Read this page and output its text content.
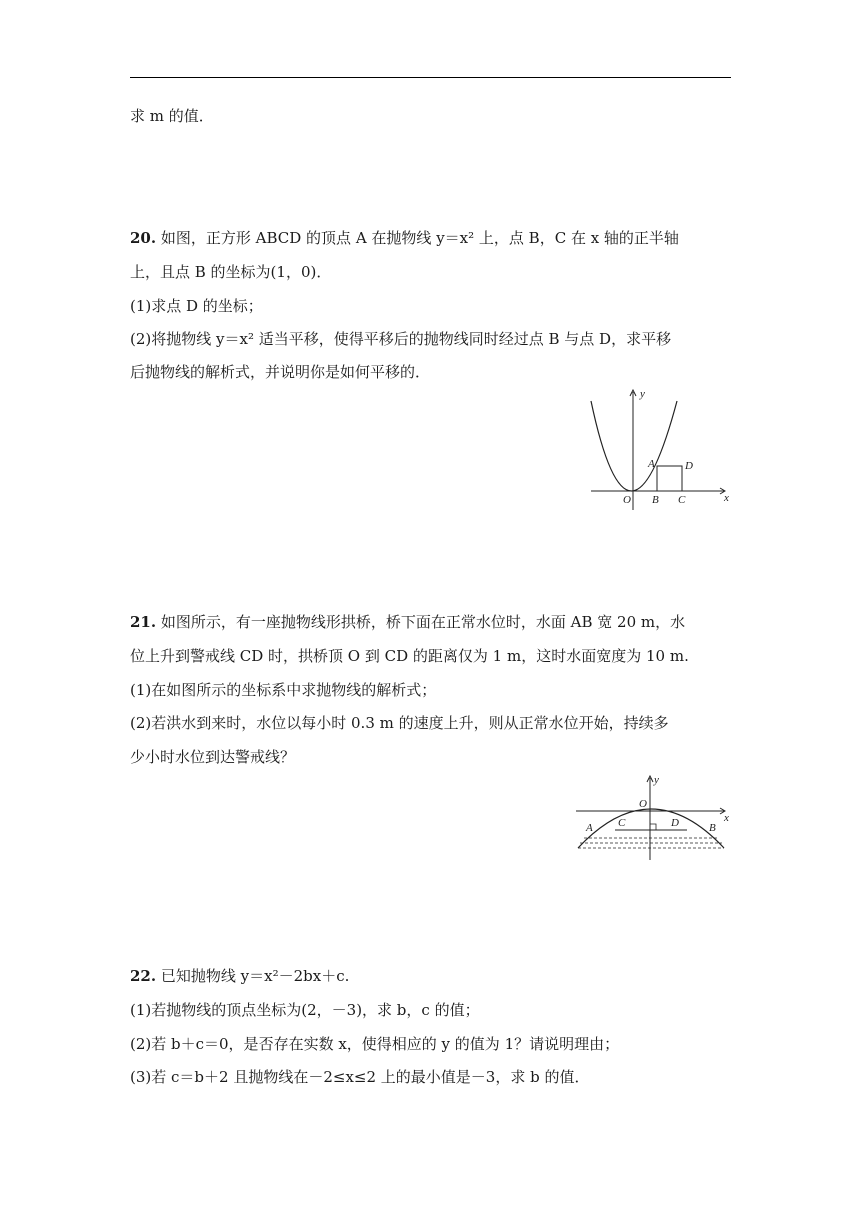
求 m 的值．
20. 如图，正方形 ABCD 的顶点 A 在抛物线 y＝x² 上，点 B，C 在 x 轴的正半轴
上，且点 B 的坐标为(1，0)．
(1)求点 D 的坐标；
(2)将抛物线 y＝x² 适当平移，使得平移后的抛物线同时经过点 B 与点 D，求平移
后抛物线的解析式，并说明你是如何平移的．
y
x
O
A
B C
D
21. 如图所示，有一座抛物线形拱桥，桥下面在正常水位时，水面 AB 宽 20 m，水
位上升到警戒线 CD 时，拱桥顶 O 到 CD 的距离仅为 1 m，这时水面宽度为 10 m.
(1)在如图所示的坐标系中求抛物线的解析式；
(2)若洪水到来时，水位以每小时 0.3 m 的速度上升，则从正常水位开始，持续多
少小时水位到达警戒线？
y
x
O
A C	D	B
22. 已知抛物线 y＝x²－2bx＋c.
(1)若抛物线的顶点坐标为(2，－3)，求 b，c 的值；
(2)若 b＋c＝0，是否存在实数 x，使得相应的 y 的值为 1？请说明理由；
(3)若 c＝b＋2 且抛物线在－2≤x≤2 上的最小值是－3，求 b 的值．
